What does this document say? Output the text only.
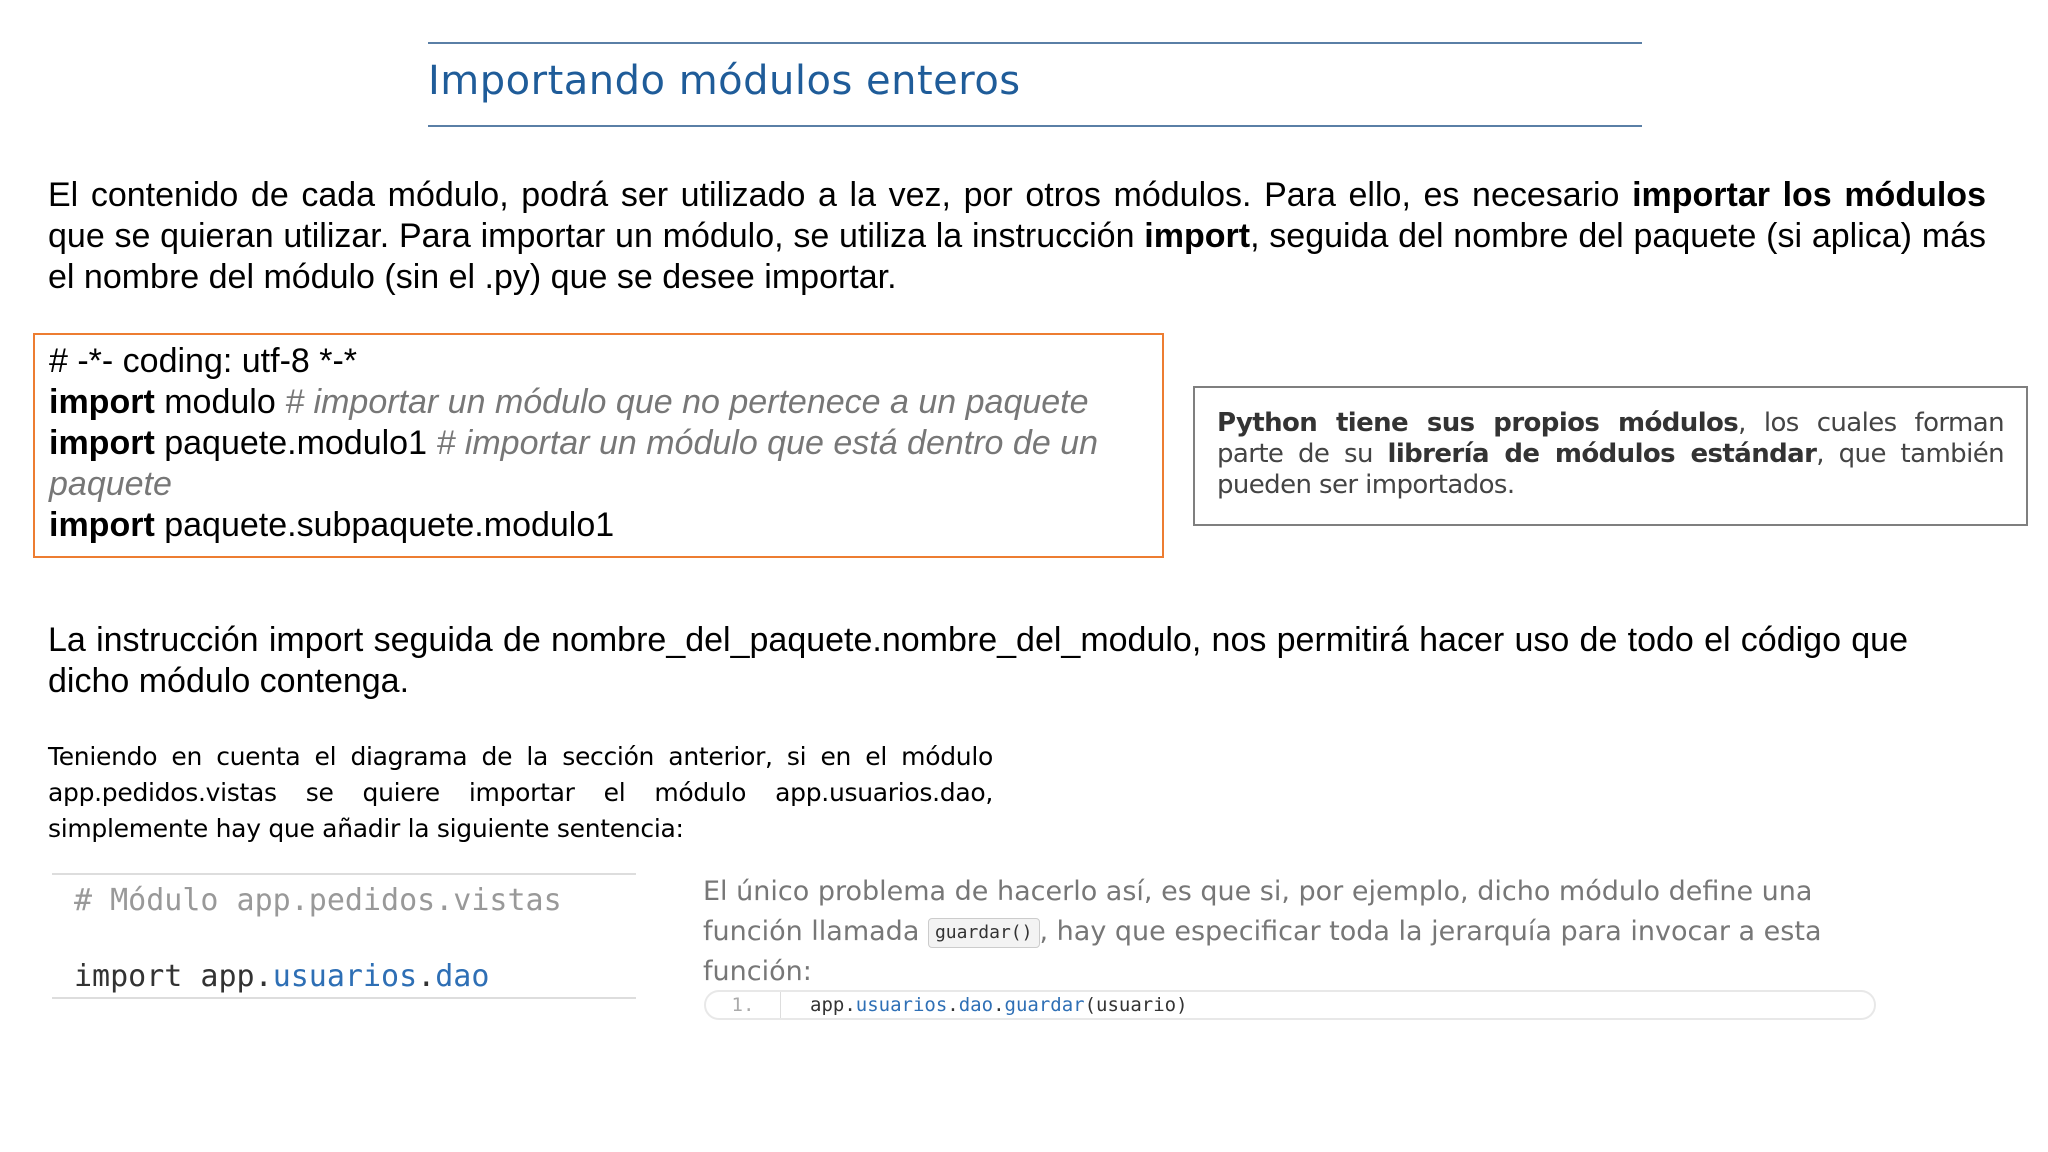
Importando módulos enteros
El contenido de cada módulo, podrá ser utilizado a la vez, por otros módulos. Para ello, es necesario importar los módulos que se quieran utilizar. Para importar un módulo, se utiliza la instrucción import, seguida del nombre del paquete (si aplica) más el nombre del módulo (sin el .py) que se desee importar.
# -*- coding: utf-8 *-*
import modulo # importar un módulo que no pertenece a un paquete
import paquete.modulo1 # importar un módulo que está dentro de un paquete
import paquete.subpaquete.modulo1
Python tiene sus propios módulos, los cuales forman parte de su librería de módulos estándar, que también pueden ser importados.
La instrucción import seguida de nombre_del_paquete.nombre_del_modulo, nos permitirá hacer uso de todo el código que dicho módulo contenga.
Teniendo en cuenta el diagrama de la sección anterior, si en el módulo app.pedidos.vistas se quiere importar el módulo app.usuarios.dao, simplemente hay que añadir la siguiente sentencia:

# Módulo app.pedidos.vistas

import app.usuarios.dao

El único problema de hacerlo así, es que si, por ejemplo, dicho módulo define una función llamada guardar() , hay que especificar toda la jerarquía para invocar a esta función:
1.	app.usuarios.dao.guardar(usuario)
